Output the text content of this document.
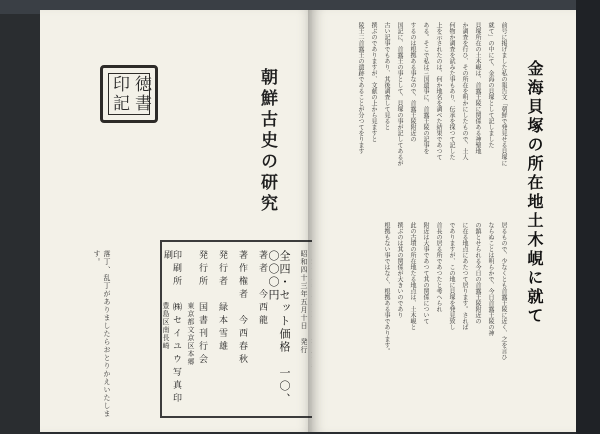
徳
書
印
記	朝鮮古史の研究
落丁、乱丁がありましたらおとりかえいたします。	昭和四十三年五月十日　発行
全四・セット価格　一〇、〇〇〇円
著者　今西龍
著作権者　今西春秋
発行者　緑本雪雄
発行所　国書刊行会
東京都文京区本郷
印刷所　㈱セイユウ写真印刷
豊島区南長崎	金海貝塚の所在地土木峴に就て
前号に掲げました私の報告文「朝鮮で発見せる貝塚に
就て」の中にて、金海の貝塚として記しました
貝塚所在の土木峴は、首露王陵に関係ある神聖地
か調査を行ひ、その所在を明かにしたもので、土人
何物か調査を試みた事もあり、伝承を探つて記した
上を示されたのは、何か地名を調べた結果であつて
ある。そこで私は三国遺事に、首露王陵の記事を
するのは根拠ある事なので、首露王陵附近の
国記に、首露王の事として、貝塚の事が記してあるが
古い記事でもあり、其後調査して見ると
撰ぶのでありますが、文献の上から見ますと
陵王二首露王の遺跡であることが分つてをります
居るもので、少なくとも首露王陵に近く、之を言ひ
ならぬことは明らかで、今日首露王陵の神
の鎮とせられる今日の首露王陵附近の
に在る地点にあたつて居ります。されば
でありますが、この地に貝塚を発見致し
首長の居る所であつたと考へられ
附近は大事であつて其の関係について
此の古墳の所在地たる地点は、土木峴と
撰ぶのは其の関係が大きいのであり
根拠もない事ではなく、根拠ある事であります。
